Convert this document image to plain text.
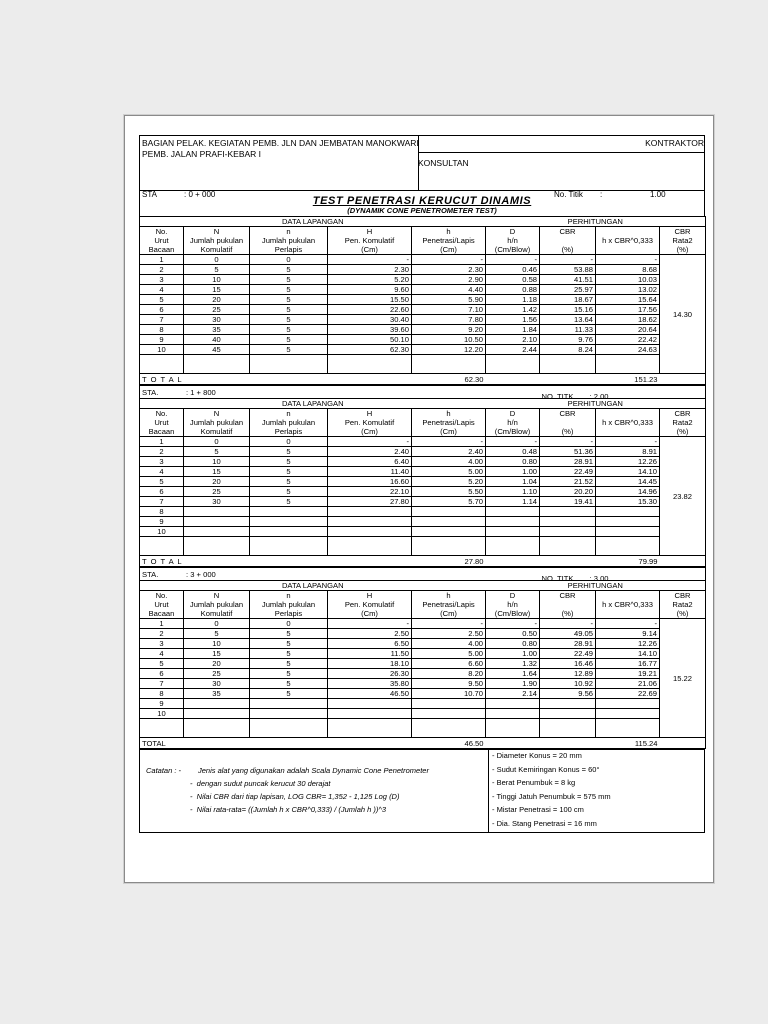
BAGIAN PELAK. KEGIATAN PEMB. JLN DAN JEMBATAN MANOKWARI
PEMB. JALAN PRAFI-KEBAR I
KONTRAKTOR
KONSULTAN
STA	: 0 + 000	No. Titik :	1.00
TEST PENETRASI KERUCUT DINAMIS
(DYNAMIK CONE PENETROMETER TEST)
DATA LAPANGAN					PERHITUNGAN			
No.	N	n	H	h	D	CBR	h x CBR^0,333	CBR
Urut	Jumlah pukulan	Jumlah pukulan	Pen. Komulatif	Penetrasi/Lapis	h/n			Rata2
Bacaan	Komulatif	Perlapis	(Cm)	(Cm)	(Cm/Blow)	(%)		(%)
1	0	0	-	-	-	-	-	14.30
2	5	5	2.30	2.30	0.46	53.88	8.68	
3	10	5	5.20	2.90	0.58	41.51	10.03	
4	15	5	9.60	4.40	0.88	25.97	13.02	
5	20	5	15.50	5.90	1.18	18.67	15.64	
6	25	5	22.60	7.10	1.42	15.16	17.56	
7	30	5	30.40	7.80	1.56	13.64	18.62	
8	35	5	39.60	9.20	1.84	11.33	20.64	
9	40	5	50.10	10.50	2.10	9.76	22.42	
10	45	5	62.30	12.20	2.44	8.24	24.63	

T O T A L				62.30			151.23	
STA. : 1 + 800						NO. TITK : 2.00		

DATA LAPANGAN					PERHITUNGAN			
No.	N	n	H	h	D	CBR	h x CBR^0,333	CBR
Urut	Jumlah pukulan	Jumlah pukulan	Pen. Komulatif	Penetrasi/Lapis	h/n			Rata2
Bacaan	Komulatif	Perlapis	(Cm)	(Cm)	(Cm/Blow)	(%)		(%)
1	0	0	-	-	-	-	-	23.82
2	5	5	2.40	2.40	0.48	51.36	8.91	
3	10	5	6.40	4.00	0.80	28.91	12.26	
4	15	5	11.40	5.00	1.00	22.49	14.10	
5	20	5	16.60	5.20	1.04	21.52	14.45	
6	25	5	22.10	5.50	1.10	20.20	14.96	
7	30	5	27.80	5.70	1.14	19.41	15.30	
8								
9								
10								

T O T A L				27.80			79.99	
STA. : 3 + 000						NO. TITK : 3.00		

DATA LAPANGAN					PERHITUNGAN			
No.	N	n	H	h	D	CBR	h x CBR^0,333	CBR
Urut	Jumlah pukulan	Jumlah pukulan	Pen. Komulatif	Penetrasi/Lapis	h/n			Rata2
Bacaan	Komulatif	Perlapis	(Cm)	(Cm)	(Cm/Blow)	(%)		(%)
1	0	0	-	-	-	-	-	15.22
2	5	5	2.50	2.50	0.50	49.05	9.14	
3	10	5	6.50	4.00	0.80	28.91	12.26	
4	15	5	11.50	5.00	1.00	22.49	14.10	
5	20	5	18.10	6.60	1.32	16.46	16.77	
6	25	5	26.30	8.20	1.64	12.89	19.21	
7	30	5	35.80	9.50	1.90	10.92	21.06	
8	35	5	46.50	10.70	2.14	9.56	22.69	
9								
10								

TOTAL				46.50			115.24	
Catatan : - Jenis alat yang digunakan adalah Scala Dynamic Cone Penetrometer
-  dengan sudut puncak kerucut 30 derajat
-  Nilai CBR dari tiap lapisan, LOG CBR= 1,352 - 1,125 Log (D)
-  Nilai rata-rata= ((Jumlah h x CBR^0,333) / (Jumlah h ))^3
- Diameter Konus = 20 mm
- Sudut Kemiringan Konus = 60°
- Berat Penumbuk = 8 kg
- Tinggi Jatuh Penumbuk = 575 mm
- Mistar Penetrasi = 100 cm
- Dia. Stang Penetrasi = 16 mm
